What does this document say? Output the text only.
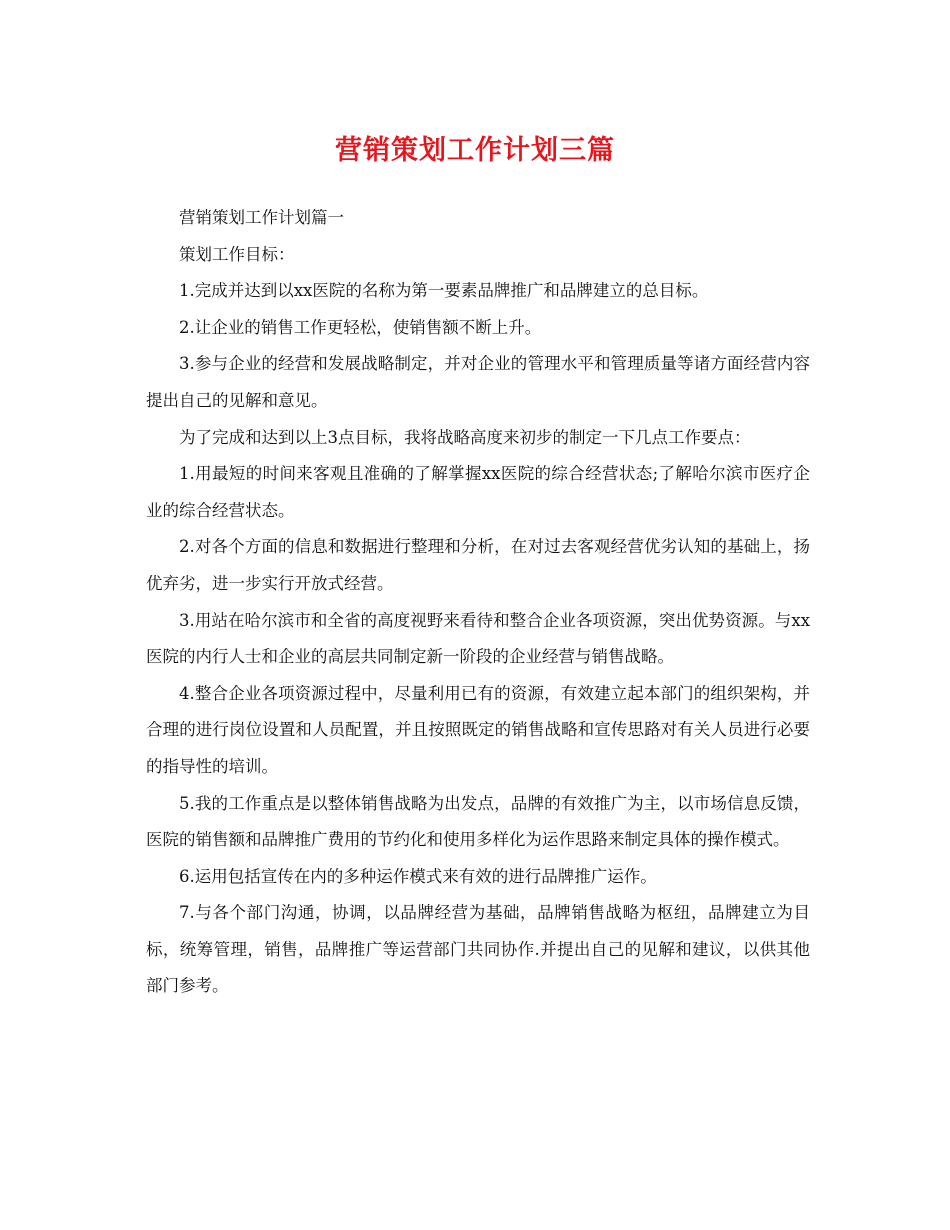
营销策划工作计划三篇

营销策划工作计划篇一

策划工作目标：

1.完成并达到以xx医院的名称为第一要素品牌推广和品牌建立的总目标。

2.让企业的销售工作更轻松，使销售额不断上升。

3.参与企业的经营和发展战略制定，并对企业的管理水平和管理质量等诸方面经营内容提出自己的见解和意见。

为了完成和达到以上3点目标，我将战略高度来初步的制定一下几点工作要点：

1.用最短的时间来客观且准确的了解掌握xx医院的综合经营状态;了解哈尔滨市医疗企业的综合经营状态。

2.对各个方面的信息和数据进行整理和分析，在对过去客观经营优劣认知的基础上，扬优弃劣，进一步实行开放式经营。

3.用站在哈尔滨市和全省的高度视野来看待和整合企业各项资源，突出优势资源。与xx医院的内行人士和企业的高层共同制定新一阶段的企业经营与销售战略。

4.整合企业各项资源过程中，尽量利用已有的资源，有效建立起本部门的组织架构，并合理的进行岗位设置和人员配置，并且按照既定的销售战略和宣传思路对有关人员进行必要的指导性的培训。

5.我的工作重点是以整体销售战略为出发点，品牌的有效推广为主，以市场信息反馈，医院的销售额和品牌推广费用的节约化和使用多样化为运作思路来制定具体的操作模式。

6.运用包括宣传在内的多种运作模式来有效的进行品牌推广运作。

7.与各个部门沟通，协调，以品牌经营为基础，品牌销售战略为枢纽，品牌建立为目标，统筹管理，销售，品牌推广等运营部门共同协作.并提出自己的见解和建议，以供其他部门参考。
